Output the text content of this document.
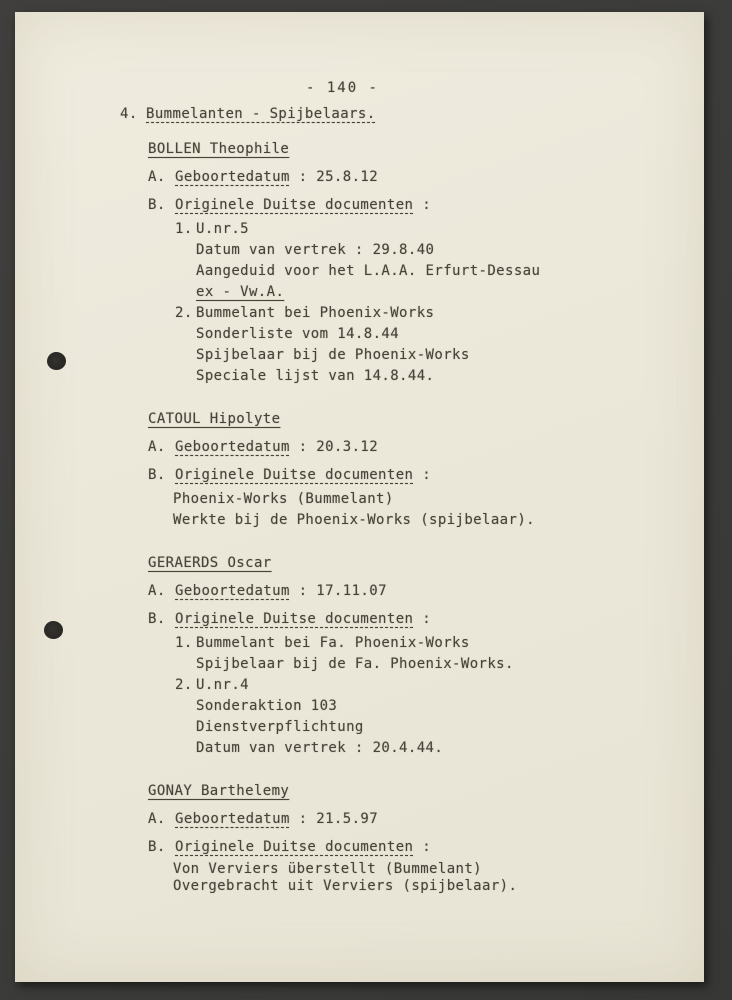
- 140 -
4. Bummelanten - Spijbelaars.
BOLLEN Theophile
A. Geboortedatum : 25.8.12
B. Originele Duitse documenten :
1. U.nr.5
Datum van vertrek : 29.8.40
Aangeduid voor het L.A.A. Erfurt-Dessau
ex - Vw.A.
2. Bummelant bei Phoenix-Works
Sonderliste vom 14.8.44
Spijbelaar bij de Phoenix-Works
Speciale lijst van 14.8.44.
CATOUL Hipolyte
A. Geboortedatum : 20.3.12
B. Originele Duitse documenten :
Phoenix-Works (Bummelant)
Werkte bij de Phoenix-Works (spijbelaar).
GERAERDS Oscar
A. Geboortedatum : 17.11.07
B. Originele Duitse documenten :
1. Bummelant bei Fa. Phoenix-Works
Spijbelaar bij de Fa. Phoenix-Works.
2. U.nr.4
Sonderaktion 103
Dienstverpflichtung
Datum van vertrek : 20.4.44.
GONAY Barthelemy
A. Geboortedatum : 21.5.97
B. Originele Duitse documenten :
Von Verviers überstellt (Bummelant)
Overgebracht uit Verviers (spijbelaar).
